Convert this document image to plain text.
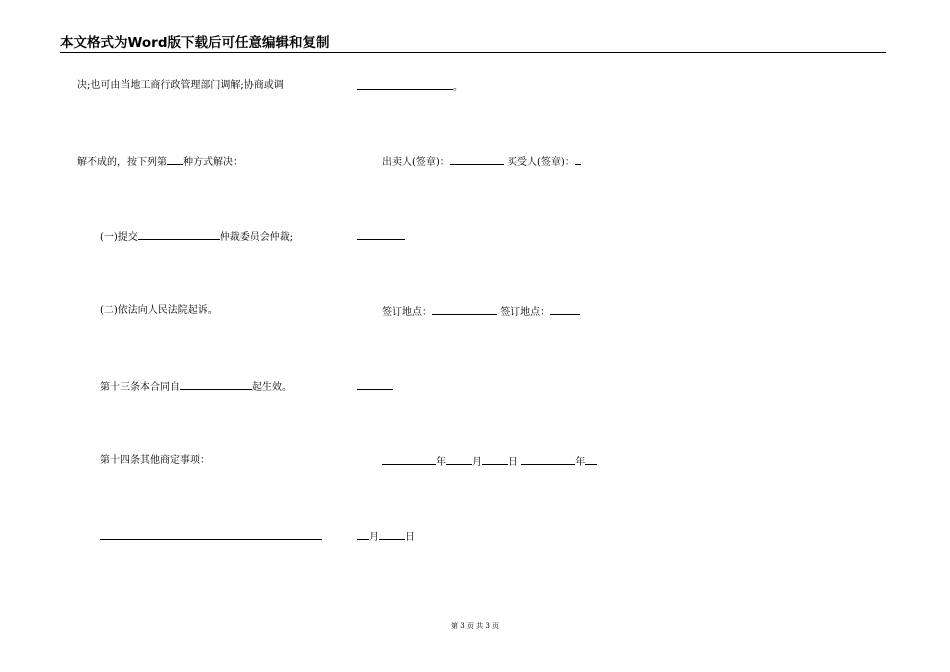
本文格式为Word版下载后可任意编辑和复制
决;也可由当地工商行政管理部门调解;协商或调
解不成的，按下列第 种方式解决：
(一)提交	仲裁委员会仲裁;
(二)依法向人民法院起诉。
第十三条本合同自	起生效。
第十四条其他商定事项：
。
出卖人(签章)：	买受人(签章)：
签订地点：	签订地点：
年	月	日	年
月	日
第 3 页 共 3 页
